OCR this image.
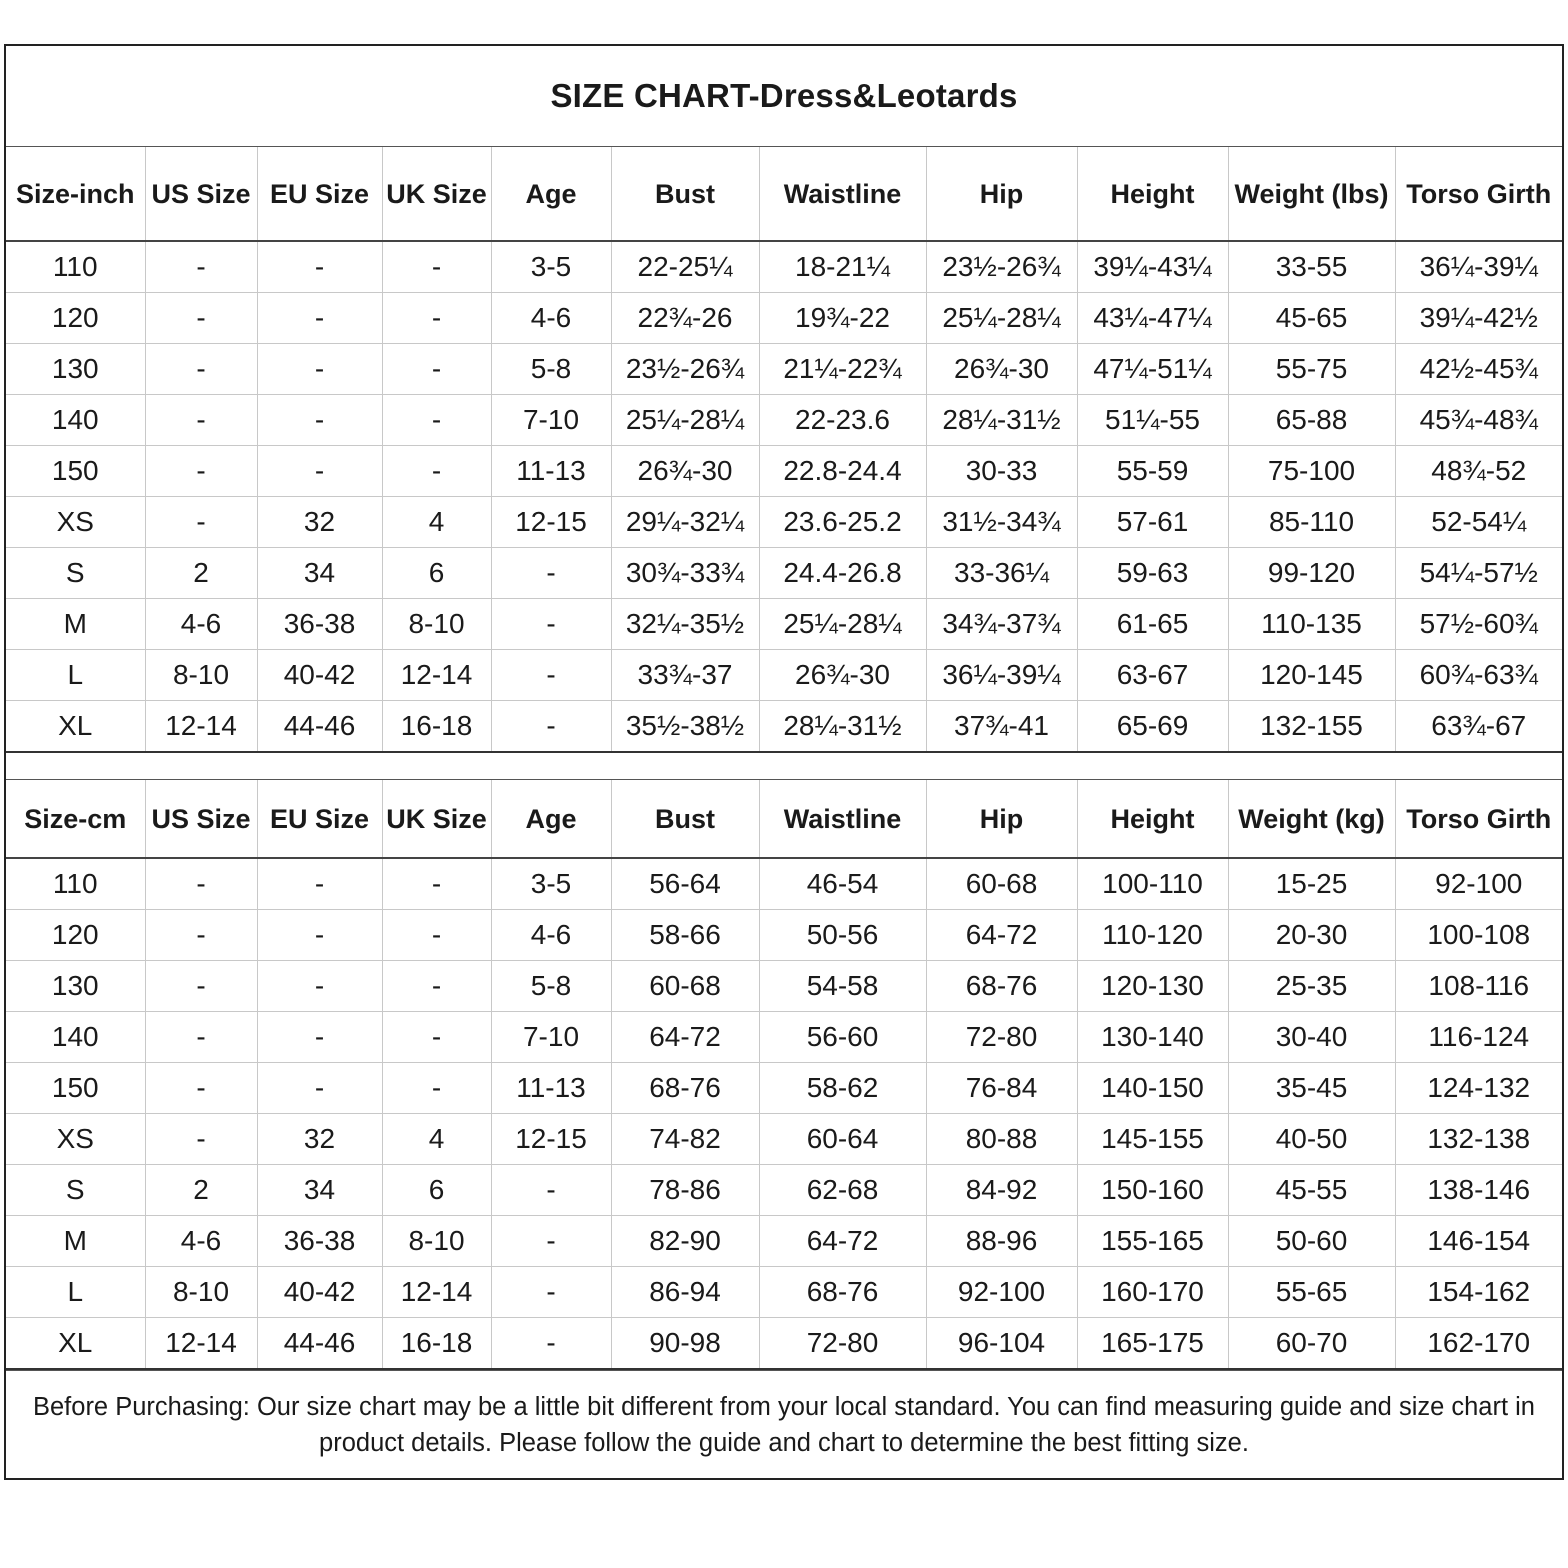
SIZE CHART-Dress&Leotards
Size-inch	US Size	EU Size	UK Size	Age	Bust	Waistline	Hip	Height	Weight (lbs)	Torso Girth
110	-	-	-	3-5	22-25¼	18-21¼	23½-26¾	39¼-43¼	33-55	36¼-39¼
120	-	-	-	4-6	22¾-26	19¾-22	25¼-28¼	43¼-47¼	45-65	39¼-42½
130	-	-	-	5-8	23½-26¾	21¼-22¾	26¾-30	47¼-51¼	55-75	42½-45¾
140	-	-	-	7-10	25¼-28¼	22-23.6	28¼-31½	51¼-55	65-88	45¾-48¾
150	-	-	-	11-13	26¾-30	22.8-24.4	30-33	55-59	75-100	48¾-52
XS	-	32	4	12-15	29¼-32¼	23.6-25.2	31½-34¾	57-61	85-110	52-54¼
S	2	34	6	-	30¾-33¾	24.4-26.8	33-36¼	59-63	99-120	54¼-57½
M	4-6	36-38	8-10	-	32¼-35½	25¼-28¼	34¾-37¾	61-65	110-135	57½-60¾
L	8-10	40-42	12-14	-	33¾-37	26¾-30	36¼-39¼	63-67	120-145	60¾-63¾
XL	12-14	44-46	16-18	-	35½-38½	28¼-31½	37¾-41	65-69	132-155	63¾-67
Size-cm	US Size	EU Size	UK Size	Age	Bust	Waistline	Hip	Height	Weight (kg)	Torso Girth
110	-	-	-	3-5	56-64	46-54	60-68	100-110	15-25	92-100
120	-	-	-	4-6	58-66	50-56	64-72	110-120	20-30	100-108
130	-	-	-	5-8	60-68	54-58	68-76	120-130	25-35	108-116
140	-	-	-	7-10	64-72	56-60	72-80	130-140	30-40	116-124
150	-	-	-	11-13	68-76	58-62	76-84	140-150	35-45	124-132
XS	-	32	4	12-15	74-82	60-64	80-88	145-155	40-50	132-138
S	2	34	6	-	78-86	62-68	84-92	150-160	45-55	138-146
M	4-6	36-38	8-10	-	82-90	64-72	88-96	155-165	50-60	146-154
L	8-10	40-42	12-14	-	86-94	68-76	92-100	160-170	55-65	154-162
XL	12-14	44-46	16-18	-	90-98	72-80	96-104	165-175	60-70	162-170
Before Purchasing: Our size chart may be a little bit different from your local standard. You can find measuring guide and size chart in product details. Please follow the guide and chart to determine the best fitting size.
